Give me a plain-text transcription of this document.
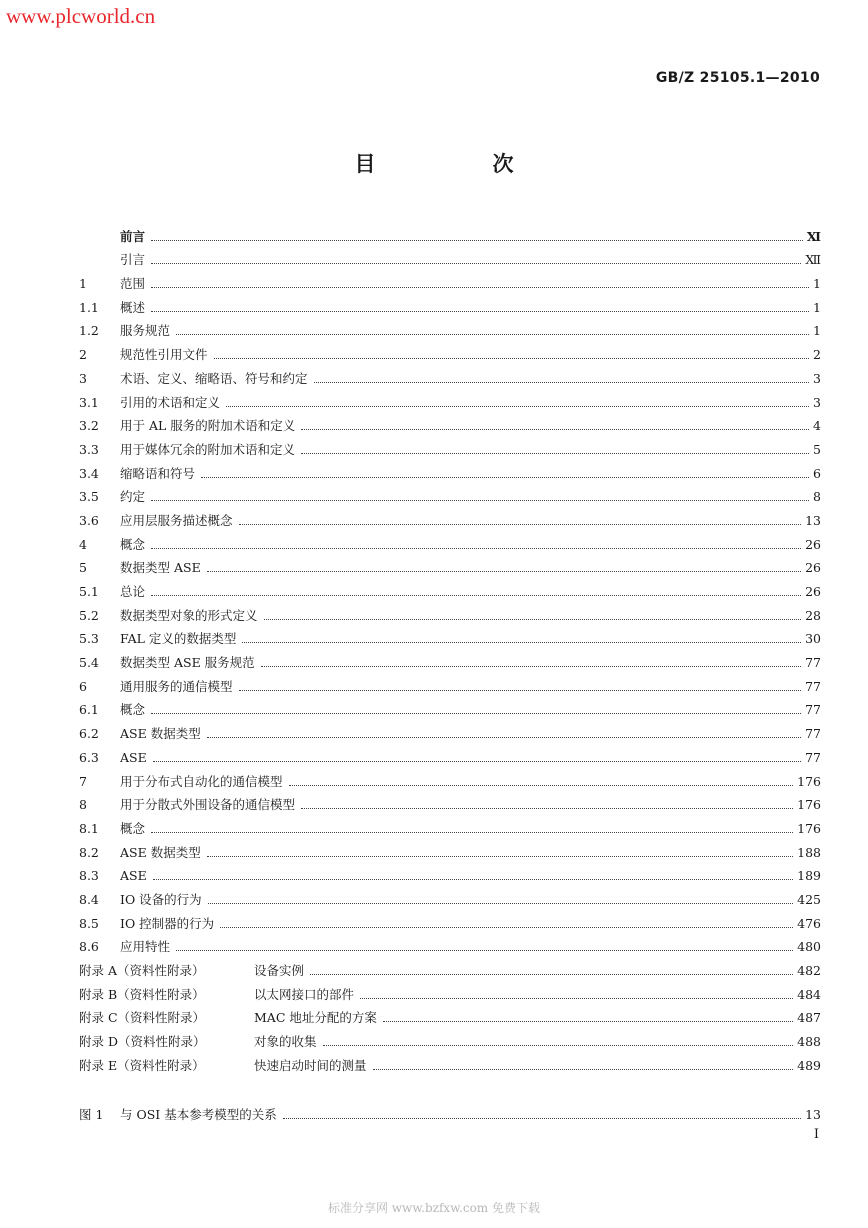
www.plcworld.cn
GB/Z 25105.1—2010
目　次
前言	Ⅺ
引言	Ⅻ
1	范围	1
1.1	概述	1
1.2	服务规范	1
2	规范性引用文件	2
3	术语、定义、缩略语、符号和约定	3
3.1	引用的术语和定义	3
3.2	用于 AL 服务的附加术语和定义	4
3.3	用于媒体冗余的附加术语和定义	5
3.4	缩略语和符号	6
3.5	约定	8
3.6	应用层服务描述概念	13
4	概念	26
5	数据类型 ASE	26
5.1	总论	26
5.2	数据类型对象的形式定义	28
5.3	FAL 定义的数据类型	30
5.4	数据类型 ASE 服务规范	77
6	通用服务的通信模型	77
6.1	概念	77
6.2	ASE 数据类型	77
6.3	ASE	77
7	用于分布式自动化的通信模型	176
8	用于分散式外围设备的通信模型	176
8.1	概念	176
8.2	ASE 数据类型	188
8.3	ASE	189
8.4	IO 设备的行为	425
8.5	IO 控制器的行为	476
8.6	应用特性	480
附录 A（资料性附录）	设备实例	482
附录 B（资料性附录）	以太网接口的部件	484
附录 C（资料性附录）	MAC 地址分配的方案	487
附录 D（资料性附录）	对象的收集	488
附录 E（资料性附录）	快速启动时间的测量	489
图 1	与 OSI 基本参考模型的关系	13
I
标准分享网 www.bzfxw.com 免费下载
